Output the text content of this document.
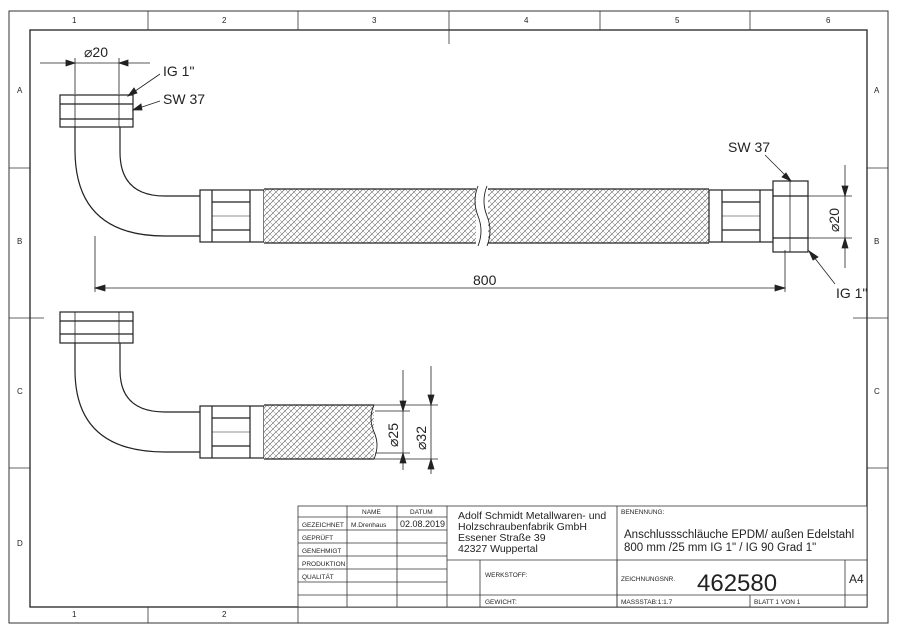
1	2	3	4	5	6
1	2
A
B
C
D
A
B
C
⌀20
IG 1"
SW 37
800
SW 37
IG 1"
⌀20
⌀25 ⌀32
NAME	DATUM
GEZEICHNET M.Drenhaus 02.08.2019
GEPRÜFT
GENEHMIGT
PRODUKTION
QUALITÄT
Adolf Schmidt Metallwaren- und
Holzschraubenfabrik GmbH
Essener Straße 39
42327 Wuppertal
BENENNUNG:
Anschlussschläuche EPDM/ außen Edelstahl
800 mm /25 mm IG 1" / IG 90 Grad 1"
WERKSTOFF:
ZEICHNUNGSNR. 462580	A4
GEWICHT:	MASSSTAB:1:1.7	BLATT 1 VON 1
